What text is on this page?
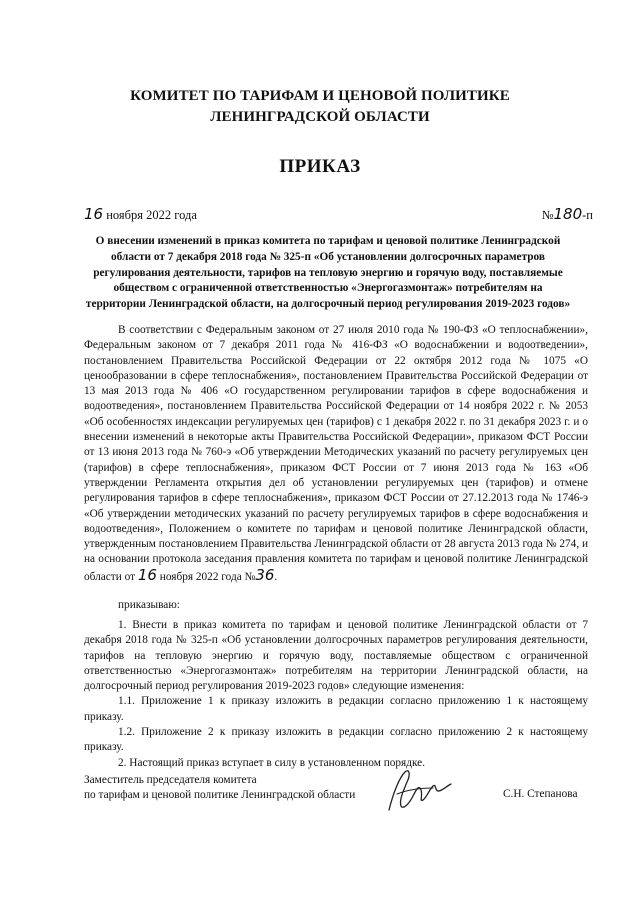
КОМИТЕТ ПО ТАРИФАМ И ЦЕНОВОЙ ПОЛИТИКЕ
ЛЕНИНГРАДСКОЙ ОБЛАСТИ
ПРИКАЗ
16 ноября 2022 года	№180-п
О внесении изменений в приказ комитета по тарифам и ценовой политике Ленинградской области от 7 декабря 2018 года № 325-п «Об установлении долгосрочных параметров регулирования деятельности, тарифов на тепловую энергию и горячую воду, поставляемые обществом с ограниченной ответственностью «Энергогазмонтаж» потребителям на территории Ленинградской области, на долгосрочный период регулирования 2019-2023 годов»

В соответствии с Федеральным законом от 27 июля 2010 года № 190-ФЗ «О теплоснабжении», Федеральным законом от 7 декабря 2011 года № 416-ФЗ «О водоснабжении и водоотведении», постановлением Правительства Российской Федерации от 22 октября 2012 года № 1075 «О ценообразовании в сфере теплоснабжения», постановлением Правительства Российской Федерации от 13 мая 2013 года № 406 «О государственном регулировании тарифов в сфере водоснабжения и водоотведения», постановлением Правительства Российской Федерации от 14 ноября 2022 г. № 2053 «Об особенностях индексации регулируемых цен (тарифов) с 1 декабря 2022 г. по 31 декабря 2023 г. и о внесении изменений в некоторые акты Правительства Российской Федерации», приказом ФСТ России от 13 июня 2013 года № 760-э «Об утверждении Методических указаний по расчету регулируемых цен (тарифов) в сфере теплоснабжения», приказом ФСТ России от 7 июня 2013 года № 163 «Об утверждении Регламента открытия дел об установлении регулируемых цен (тарифов) и отмене регулирования тарифов в сфере теплоснабжения», приказом ФСТ России от 27.12.2013 года № 1746-э «Об утверждении методических указаний по расчету регулируемых тарифов в сфере водоснабжения и водоотведения», Положением о комитете по тарифам и ценовой политике Ленинградской области, утвержденным постановлением Правительства Ленинградской области от 28 августа 2013 года № 274, и на основании протокола заседания правления комитета по тарифам и ценовой политике Ленинградской области от 16 ноября 2022 года №36.

приказываю:

1. Внести в приказ комитета по тарифам и ценовой политике Ленинградской области от 7 декабря 2018 года № 325-п «Об установлении долгосрочных параметров регулирования деятельности, тарифов на тепловую энергию и горячую воду, поставляемые обществом с ограниченной ответственностью «Энергогазмонтаж» потребителям на территории Ленинградской области, на долгосрочный период регулирования 2019-2023 годов» следующие изменения:

1.1. Приложение 1 к приказу изложить в редакции согласно приложению 1 к настоящему приказу.

1.2. Приложение 2 к приказу изложить в редакции согласно приложению 2 к настоящему приказу.

2. Настоящий приказ вступает в силу в установленном порядке.

Заместитель председателя комитета
по тарифам и ценовой политике Ленинградской области	С.Н. Степанова
